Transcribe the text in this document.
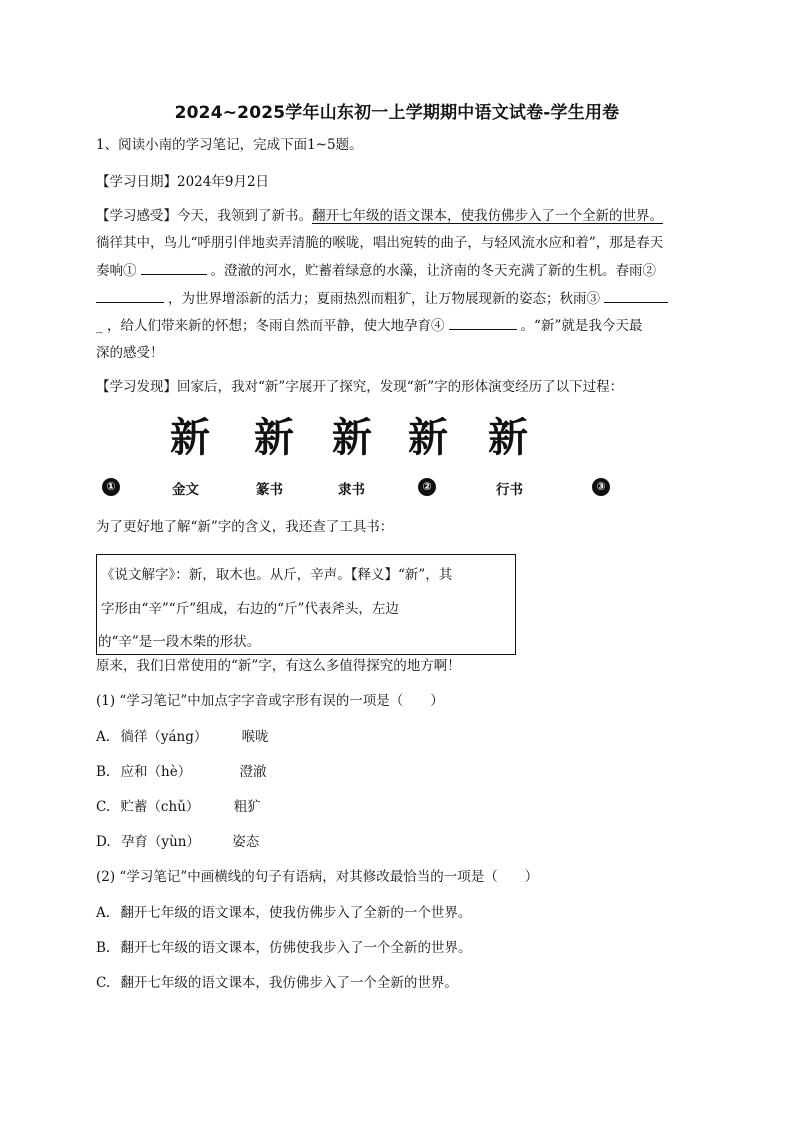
2024~2025学年山东初一上学期期中语文试卷-学生用卷
1、阅读小南的学习笔记，完成下面1~5题。
【学习日期】2024年9月2日
【学习感受】今天，我领到了新书。翻开七年级的语文课本，使我仿佛步入了一个全新的世界。
徜徉其中，鸟儿“呼朋引伴地卖弄清脆的喉咙，唱出宛转的曲子，与轻风流水应和着”，那是春天
奏响①	。澄澈的河水，贮蓄着绿意的水藻，让济南的冬天充满了新的生机。春雨②
，为世界增添新的活力；夏雨热烈而粗犷，让万物展现新的姿态；秋雨③
_ ，给人们带来新的怀想；冬雨自然而平静，使大地孕育④	。“新”就是我今天最
深的感受！
【学习发现】回家后，我对“新”字展开了探究，发现“新”字的形体演变经历了以下过程：
新 新 新 新 新
①	金文	篆书	隶书	②	行书	③
为了更好地了解“新”字的含义，我还查了工具书：
《说文解字》：新，取木也。从斤，辛声。【释义】“新”，其
字形由“辛”“斤”组成，右边的“斤”代表斧头，左边
的“辛”是一段木柴的形状。
原来，我们日常使用的“新”字，有这么多值得探究的地方啊！
(1) “学习笔记”中加点字字音或字形有误的一项是（　　）
A. 徜徉（yáng）	喉咙
B. 应和（hè）	澄澈
C. 贮蓄（chǔ）	粗犷
D. 孕育（yùn） 姿态
(2) “学习笔记”中画横线的句子有语病，对其修改最恰当的一项是（　　）
A. 翻开七年级的语文课本，使我仿佛步入了全新的一个世界。
B. 翻开七年级的语文课本，仿佛使我步入了一个全新的世界。
C. 翻开七年级的语文课本，我仿佛步入了一个全新的世界。
